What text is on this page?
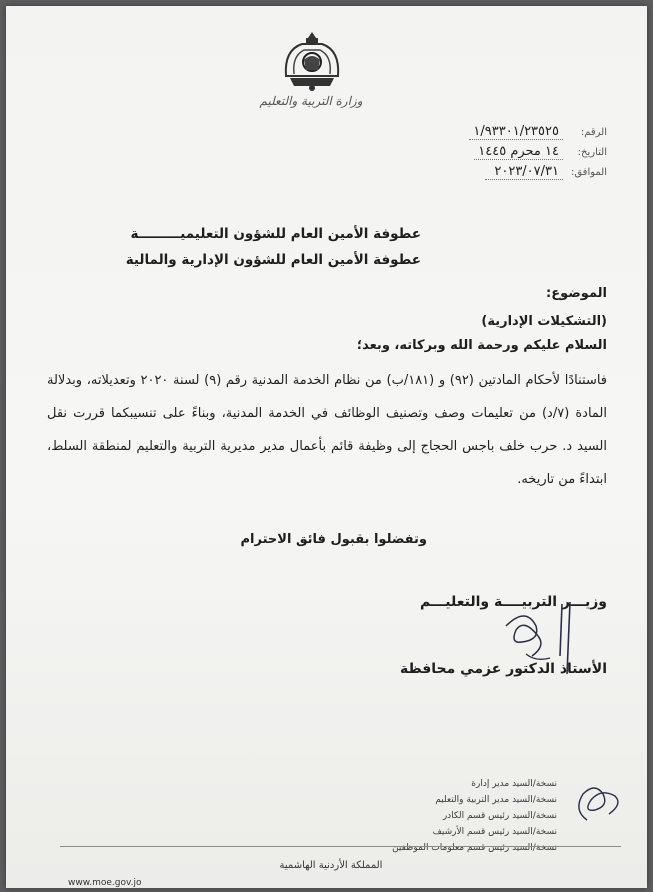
وزارة التربية والتعليم
الرقم:
١/٩٣٣٠١/٢٣٥٢٥
التاريخ:
١٤ محرم ١٤٤٥
الموافق:
٢٠٢٣/٠٧/٣١
عطوفة الأمين العام للشؤون التعليميـــــــــة
عطوفة الأمين العام للشؤون الإدارية والمالية
الموضوع:
(التشكيلات الإدارية)
السلام عليكم ورحمة الله وبركاته، وبعد؛
فاستنادًا لأحكام المادتين (٩٢) و (١٨١/ب) من نظام الخدمة المدنية رقم (٩) لسنة ٢٠٢٠ وتعديلاته، وبدلالة المادة (٧/د) من تعليمات وصف وتصنيف الوظائف في الخدمة المدنية، وبناءً على تنسيبكما قررت نقل السيد د. حرب خلف باجس الحجاج إلى وظيفة قائم بأعمال مدير مديرية التربية والتعليم لمنطقة السلط، ابتداءً من تاريخه.
وتفضلوا بقبول فائق الاحترام
وزيـــر التربيــــة والتعليـــم
الأستاذ الدكتور عزمي محافظة
نسخة/السيد مدير إدارة
نسخة/السيد مدير التربية والتعليم
نسخة/السيد رئيس قسم الكادر
نسخة/السيد رئيس قسم الأرشيف
نسخة/السيد رئيس قسم معلومات الموظفين
المملكة الأردنية الهاشمية
www.moe.gov.jo
